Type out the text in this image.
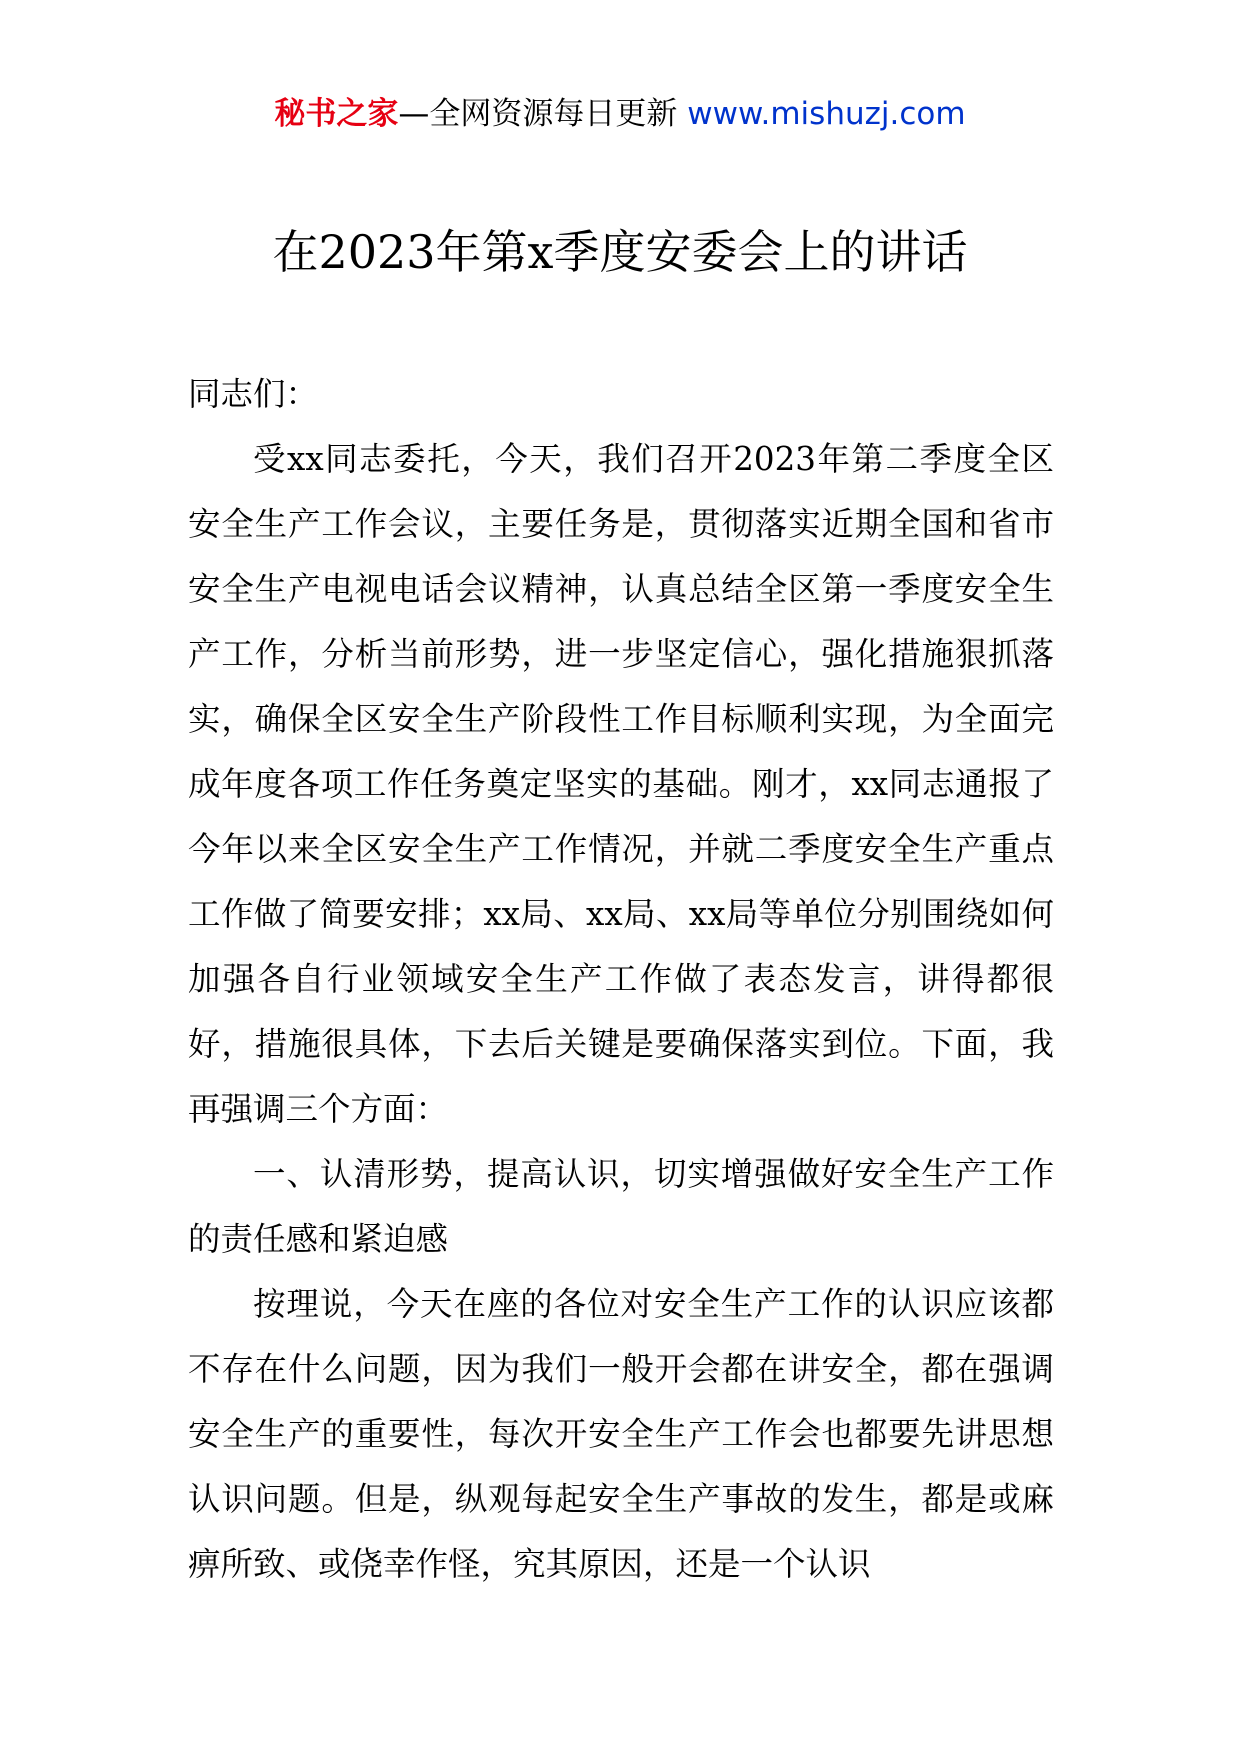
秘书之家—全网资源每日更新 www.mishuzj.com
在2023年第x季度安委会上的讲话

同志们：

受xx同志委托，今天，我们召开2023年第二季度全区安全生产工作会议，主要任务是，贯彻落实近期全国和省市安全生产电视电话会议精神，认真总结全区第一季度安全生产工作，分析当前形势，进一步坚定信心，强化措施狠抓落实，确保全区安全生产阶段性工作目标顺利实现，为全面完成年度各项工作任务奠定坚实的基础。刚才，xx同志通报了今年以来全区安全生产工作情况，并就二季度安全生产重点工作做了简要安排；xx局、xx局、xx局等单位分别围绕如何加强各自行业领域安全生产工作做了表态发言，讲得都很好，措施很具体，下去后关键是要确保落实到位。下面，我再强调三个方面：

一、认清形势，提高认识，切实增强做好安全生产工作的责任感和紧迫感

按理说，今天在座的各位对安全生产工作的认识应该都不存在什么问题，因为我们一般开会都在讲安全，都在强调安全生产的重要性，每次开安全生产工作会也都要先讲思想认识问题。但是，纵观每起安全生产事故的发生，都是或麻痹所致、或侥幸作怪，究其原因，还是一个认识
